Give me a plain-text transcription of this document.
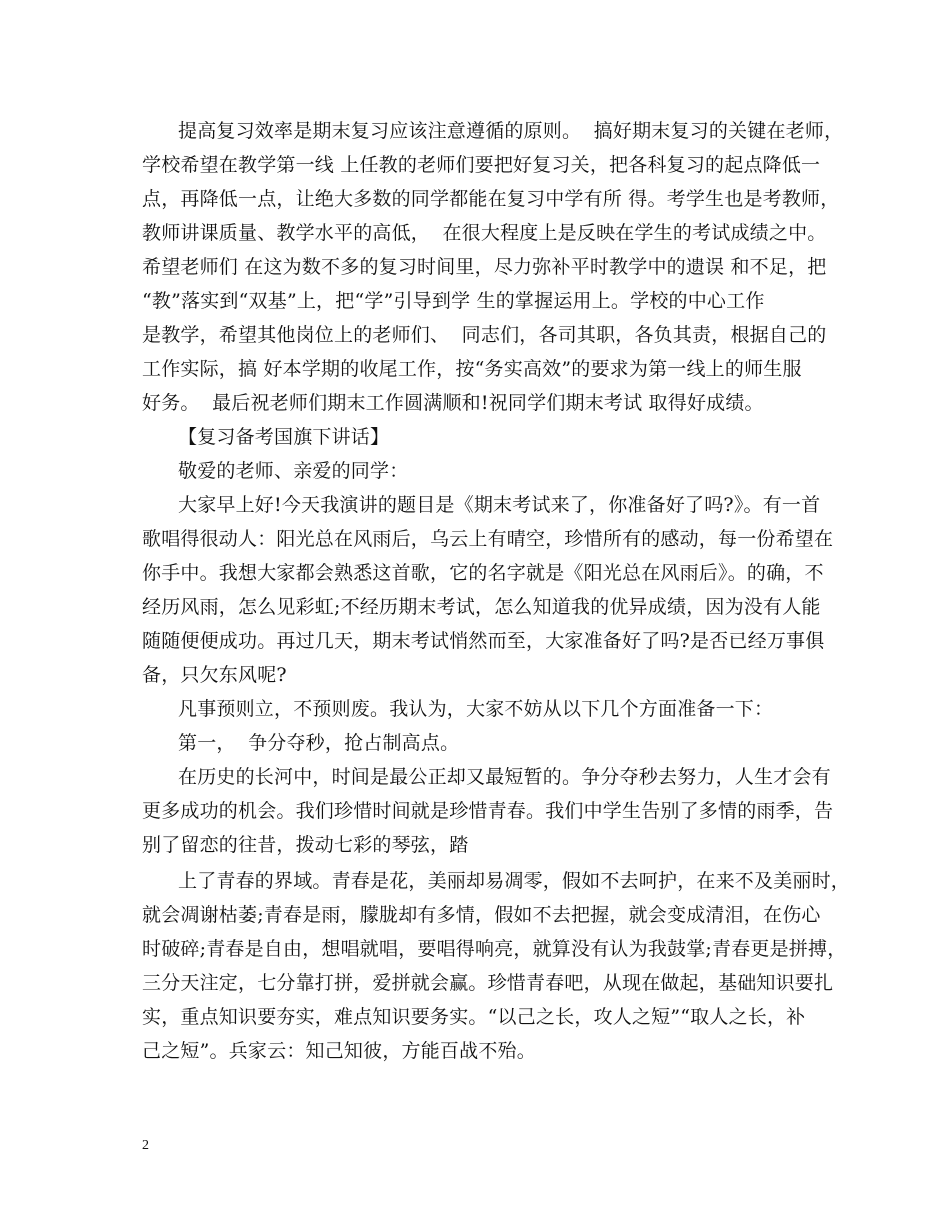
提高复习效率是期末复习应该注意遵循的原则。  搞好期末复习的关键在老师，
学校希望在教学第一线 上任教的老师们要把好复习关，把各科复习的起点降低一
点，再降低一点，让绝大多数的同学都能在复习中学有所 得。考学生也是考教师，
教师讲课质量、教学水平的高低，  在很大程度上是反映在学生的考试成绩之中。
希望老师们 在这为数不多的复习时间里，尽力弥补平时教学中的遗误 和不足，把
“教”落实到“双基”上，把“学”引导到学 生的掌握运用上。学校的中心工作
是教学，希望其他岗位上的老师们、  同志们，各司其职，各负其责，根据自己的
工作实际，搞 好本学期的收尾工作，按“务实高效”的要求为第一线上的师生服
好务。  最后祝老师们期末工作圆满顺和!祝同学们期末考试 取得好成绩。
【复习备考国旗下讲话】
敬爱的老师、亲爱的同学：
大家早上好!今天我演讲的题目是《期末考试来了，你准备好了吗?》。有一首
歌唱得很动人：阳光总在风雨后，乌云上有晴空，珍惜所有的感动，每一份希望在
你手中。我想大家都会熟悉这首歌，它的名字就是《阳光总在风雨后》。的确，不
经历风雨，怎么见彩虹;不经历期末考试，怎么知道我的优异成绩，因为没有人能
随随便便成功。再过几天，期末考试悄然而至，大家准备好了吗?是否已经万事俱
备，只欠东风呢?
凡事预则立，不预则废。我认为，大家不妨从以下几个方面准备一下：
第一，  争分夺秒，抢占制高点。
在历史的长河中，时间是最公正却又最短暂的。争分夺秒去努力，人生才会有
更多成功的机会。我们珍惜时间就是珍惜青春。我们中学生告别了多情的雨季，告
别了留恋的往昔，拨动七彩的琴弦，踏
上了青春的界域。青春是花，美丽却易凋零，假如不去呵护，在来不及美丽时，
就会凋谢枯萎;青春是雨，朦胧却有多情，假如不去把握，就会变成清泪，在伤心
时破碎;青春是自由，想唱就唱，要唱得响亮，就算没有认为我鼓掌;青春更是拼搏，
三分天注定，七分靠打拼，爱拼就会赢。珍惜青春吧，从现在做起，基础知识要扎
实，重点知识要夯实，难点知识要务实。“以己之长，攻人之短”“取人之长，补
己之短”。兵家云：知己知彼，方能百战不殆。
2
